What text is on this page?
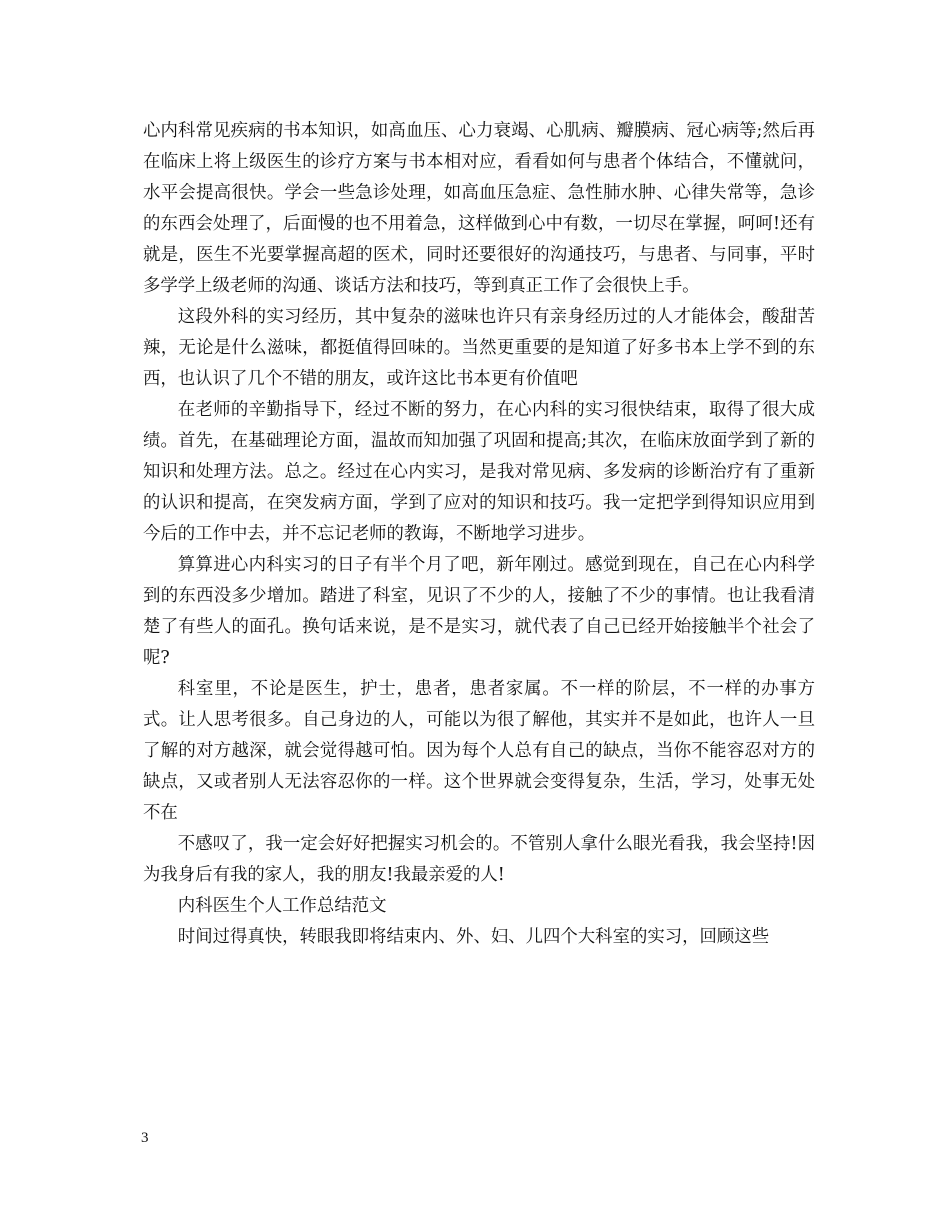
心内科常见疾病的书本知识，如高血压、心力衰竭、心肌病、瓣膜病、冠心病等;然后再在临床上将上级医生的诊疗方案与书本相对应，看看如何与患者个体结合，不懂就问，水平会提高很快。学会一些急诊处理，如高血压急症、急性肺水肿、心律失常等，急诊的东西会处理了，后面慢的也不用着急，这样做到心中有数，一切尽在掌握，呵呵!还有就是，医生不光要掌握高超的医术，同时还要很好的沟通技巧，与患者、与同事，平时多学学上级老师的沟通、谈话方法和技巧，等到真正工作了会很快上手。

这段外科的实习经历，其中复杂的滋味也许只有亲身经历过的人才能体会，酸甜苦辣，无论是什么滋味，都挺值得回味的。当然更重要的是知道了好多书本上学不到的东西，也认识了几个不错的朋友，或许这比书本更有价值吧

在老师的辛勤指导下，经过不断的努力，在心内科的实习很快结束，取得了很大成绩。首先，在基础理论方面，温故而知加强了巩固和提高;其次，在临床放面学到了新的知识和处理方法。总之。经过在心内实习，是我对常见病、多发病的诊断治疗有了重新的认识和提高，在突发病方面，学到了应对的知识和技巧。我一定把学到得知识应用到今后的工作中去，并不忘记老师的教诲，不断地学习进步。

算算进心内科实习的日子有半个月了吧，新年刚过。感觉到现在，自己在心内科学到的东西没多少增加。踏进了科室，见识了不少的人，接触了不少的事情。也让我看清楚了有些人的面孔。换句话来说，是不是实习，就代表了自己已经开始接触半个社会了呢?

科室里，不论是医生，护士，患者，患者家属。不一样的阶层，不一样的办事方式。让人思考很多。自己身边的人，可能以为很了解他，其实并不是如此，也许人一旦了解的对方越深，就会觉得越可怕。因为每个人总有自己的缺点，当你不能容忍对方的缺点，又或者别人无法容忍你的一样。这个世界就会变得复杂，生活，学习，处事无处不在

不感叹了，我一定会好好把握实习机会的。不管别人拿什么眼光看我，我会坚持!因为我身后有我的家人，我的朋友!我最亲爱的人!

内科医生个人工作总结范文

时间过得真快，转眼我即将结束内、外、妇、儿四个大科室的实习，回顾这些

3
